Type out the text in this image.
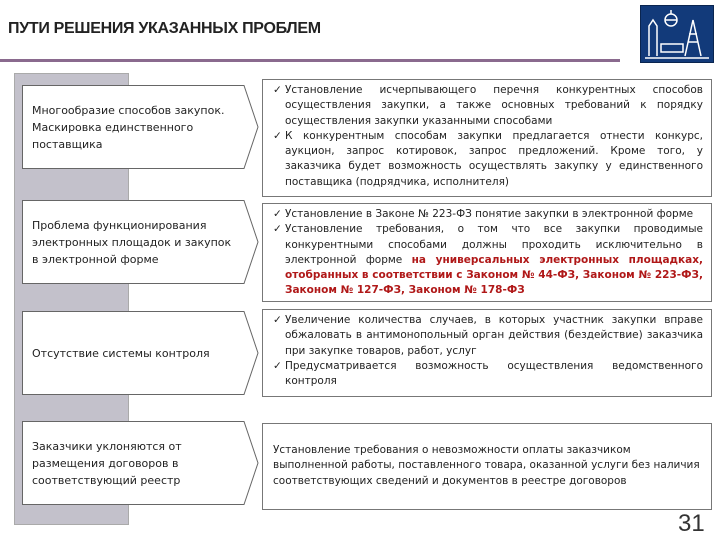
ПУТИ РЕШЕНИЯ УКАЗАННЫХ ПРОБЛЕМ
Многообразие способов закупок. Маскировка единственного поставщика
Проблема функционирования электронных площадок и закупок в электронной форме
Отсутствие системы контроля
Заказчики уклоняются от размещения договоров в соответствующий реестр
✓ Установление исчерпывающего перечня конкурентных способов осуществления закупки, а также основных требований к порядку осуществления закупки указанными способами
✓ К конкурентным способам закупки предлагается отнести конкурс, аукцион, запрос котировок, запрос предложений. Кроме того, у заказчика будет возможность осуществлять закупку у единственного поставщика (подрядчика, исполнителя)
✓ Установление в Законе № 223-ФЗ понятие закупки в электронной форме
✓ Установление требования, о том что все закупки проводимые конкурентными способами должны проходить исключительно в электронной форме на универсальных электронных площадках, отобранных в соответствии с Законом № 44-ФЗ, Законом № 223-ФЗ, Законом № 127-ФЗ, Законом № 178-ФЗ
✓ Увеличение количества случаев, в которых участник закупки вправе обжаловать в антимонопольный орган действия (бездействие) заказчика при закупке товаров, работ, услуг
✓ Предусматривается возможность осуществления ведомственного контроля
Установление требования о невозможности оплаты заказчиком выполненной работы, поставленного товара, оказанной услуги без наличия соответствующих сведений и документов в реестре договоров
31
